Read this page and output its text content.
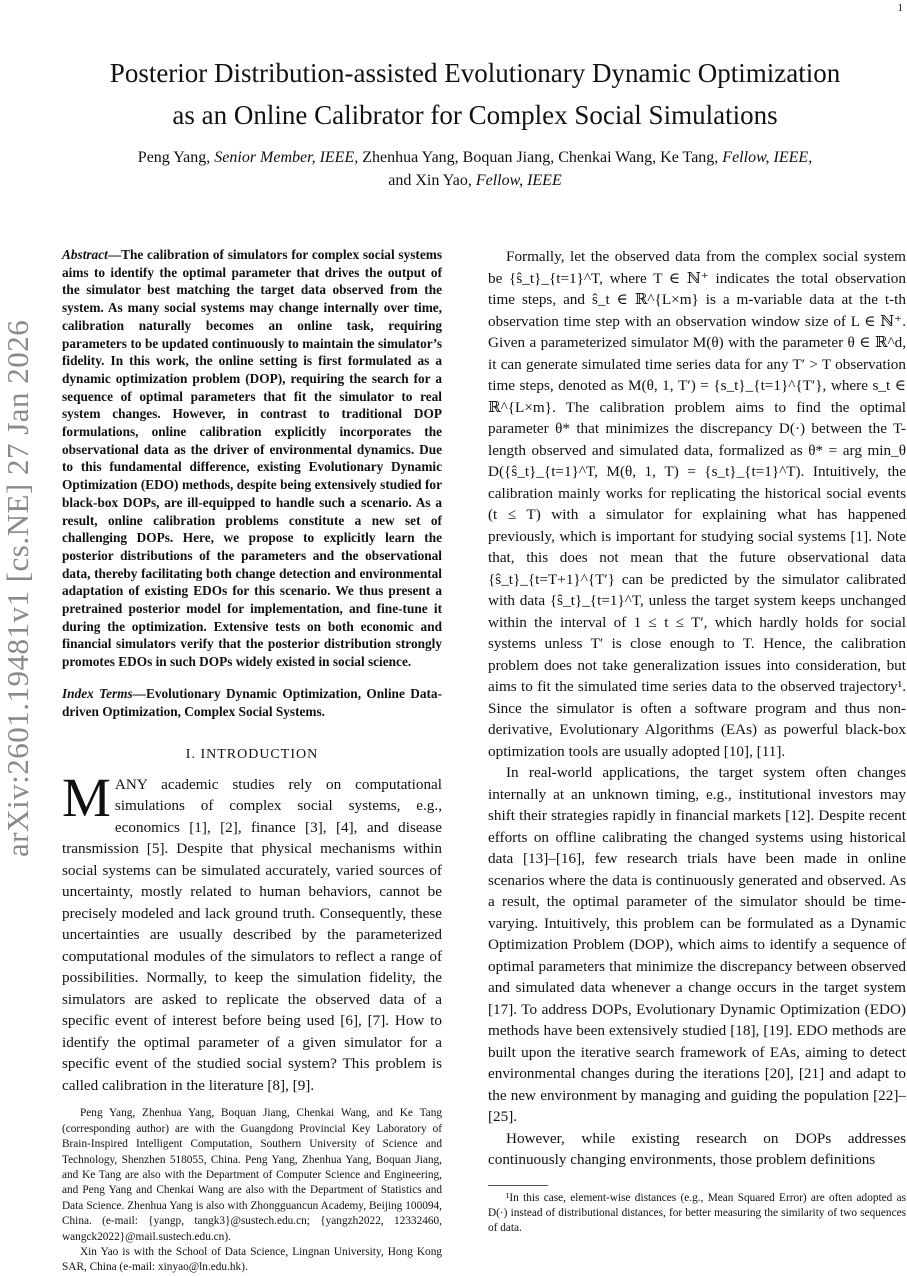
1
arXiv:2601.19481v1 [cs.NE] 27 Jan 2026
Posterior Distribution-assisted Evolutionary Dynamic Optimization
as an Online Calibrator for Complex Social Simulations
Peng Yang, Senior Member, IEEE, Zhenhua Yang, Boquan Jiang, Chenkai Wang, Ke Tang, Fellow, IEEE,
and Xin Yao, Fellow, IEEE

Abstract—The calibration of simulators for complex social systems aims to identify the optimal parameter that drives the output of the simulator best matching the target data observed from the system. As many social systems may change internally over time, calibration naturally becomes an online task, requiring parameters to be updated continuously to maintain the simulator’s fidelity. In this work, the online setting is first formulated as a dynamic optimization problem (DOP), requiring the search for a sequence of optimal parameters that fit the simulator to real system changes. However, in contrast to traditional DOP formulations, online calibration explicitly incorporates the observational data as the driver of environmental dynamics. Due to this fundamental difference, existing Evolutionary Dynamic Optimization (EDO) methods, despite being extensively studied for black-box DOPs, are ill-equipped to handle such a scenario. As a result, online calibration problems constitute a new set of challenging DOPs. Here, we propose to explicitly learn the posterior distributions of the parameters and the observational data, thereby facilitating both change detection and environmental adaptation of existing EDOs for this scenario. We thus present a pretrained posterior model for implementation, and fine-tune it during the optimization. Extensive tests on both economic and financial simulators verify that the posterior distribution strongly promotes EDOs in such DOPs widely existed in social science.

Index Terms—Evolutionary Dynamic Optimization, Online Data-driven Optimization, Complex Social Systems.

I. INTRODUCTION

MANY academic studies rely on computational simulations of complex social systems, e.g., economics [1], [2], finance [3], [4], and disease transmission [5]. Despite that physical mechanisms within social systems can be simulated accurately, varied sources of uncertainty, mostly related to human behaviors, cannot be precisely modeled and lack ground truth. Consequently, these uncertainties are usually described by the parameterized computational modules of the simulators to reflect a range of possibilities. Normally, to keep the simulation fidelity, the simulators are asked to replicate the observed data of a specific event of interest before being used [6], [7]. How to identify the optimal parameter of a given simulator for a specific event of the studied social system? This problem is called calibration in the literature [8], [9].

Peng Yang, Zhenhua Yang, Boquan Jiang, Chenkai Wang, and Ke Tang (corresponding author) are with the Guangdong Provincial Key Laboratory of Brain-Inspired Intelligent Computation, Southern University of Science and Technology, Shenzhen 518055, China. Peng Yang, Zhenhua Yang, Boquan Jiang, and Ke Tang are also with the Department of Computer Science and Engineering, and Peng Yang and Chenkai Wang are also with the Department of Statistics and Data Science. Zhenhua Yang is also with Zhongguancun Academy, Beijing 100094, China. (e-mail: {yangp, tangk3}@sustech.edu.cn; {yangzh2022, 12332460, wangck2022}@mail.sustech.edu.cn).

Xin Yao is with the School of Data Science, Lingnan University, Hong Kong SAR, China (e-mail: xinyao@ln.edu.hk).

Formally, let the observed data from the complex social system be {ŝ_t}_{t=1}^T, where T ∈ ℕ⁺ indicates the total observation time steps, and ŝ_t ∈ ℝ^{L×m} is a m-variable data at the t-th observation time step with an observation window size of L ∈ ℕ⁺. Given a parameterized simulator M(θ) with the parameter θ ∈ ℝ^d, it can generate simulated time series data for any T′ > T observation time steps, denoted as M(θ, 1, T′) = {s_t}_{t=1}^{T′}, where s_t ∈ ℝ^{L×m}. The calibration problem aims to find the optimal parameter θ* that minimizes the discrepancy D(·) between the T-length observed and simulated data, formalized as θ* = arg min_θ D({ŝ_t}_{t=1}^T, M(θ, 1, T) = {s_t}_{t=1}^T). Intuitively, the calibration mainly works for replicating the historical social events (t ≤ T) with a simulator for explaining what has happened previously, which is important for studying social systems [1]. Note that, this does not mean that the future observational data {ŝ_t}_{t=T+1}^{T′} can be predicted by the simulator calibrated with data {ŝ_t}_{t=1}^T, unless the target system keeps unchanged within the interval of 1 ≤ t ≤ T′, which hardly holds for social systems unless T′ is close enough to T. Hence, the calibration problem does not take generalization issues into consideration, but aims to fit the simulated time series data to the observed trajectory¹. Since the simulator is often a software program and thus non-derivative, Evolutionary Algorithms (EAs) as powerful black-box optimization tools are usually adopted [10], [11].

In real-world applications, the target system often changes internally at an unknown timing, e.g., institutional investors may shift their strategies rapidly in financial markets [12]. Despite recent efforts on offline calibrating the changed systems using historical data [13]–[16], few research trials have been made in online scenarios where the data is continuously generated and observed. As a result, the optimal parameter of the simulator should be time-varying. Intuitively, this problem can be formulated as a Dynamic Optimization Problem (DOP), which aims to identify a sequence of optimal parameters that minimize the discrepancy between observed and simulated data whenever a change occurs in the target system [17]. To address DOPs, Evolutionary Dynamic Optimization (EDO) methods have been extensively studied [18], [19]. EDO methods are built upon the iterative search framework of EAs, aiming to detect environmental changes during the iterations [20], [21] and adapt to the new environment by managing and guiding the population [22]–[25].

However, while existing research on DOPs addresses continuously changing environments, those problem definitions

¹In this case, element-wise distances (e.g., Mean Squared Error) are often adopted as D(·) instead of distributional distances, for better measuring the similarity of two sequences of data.
